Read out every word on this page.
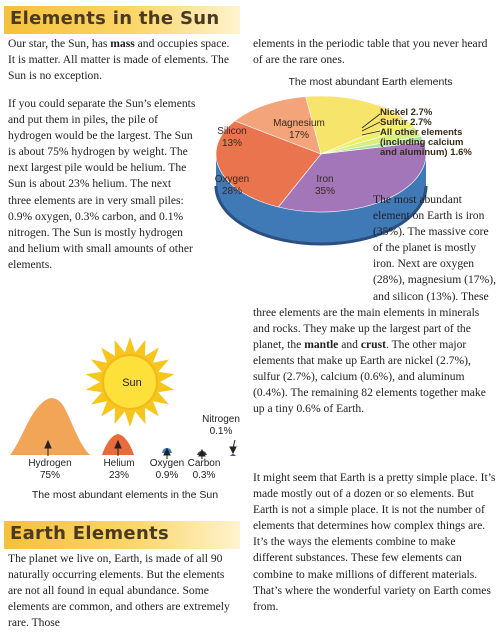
Elements in the Sun
Earth Elements

Our star, the Sun, has mass and occupies space. It is matter. All matter is made of elements. The Sun is no exception.

If you could separate the Sun’s elements and put them in piles, the pile of hydrogen would be the largest. The Sun is about 75% hydrogen by weight. The next largest pile would be helium. The Sun is about 23% helium. The next three elements are in very small piles: 0.9% oxygen, 0.3% carbon, and 0.1% nitrogen. The Sun is mostly hydrogen and helium with small amounts of other elements.

Sun
Hydrogen
75%
Helium
23%
Oxygen
0.9%
Carbon
0.3%
Nitrogen
0.1%
The most abundant elements in the Sun

The planet we live on, Earth, is made of all 90 naturally occurring elements. But the elements are not all found in equal abundance. Some elements are common, and others are extremely rare. Those

elements in the periodic table that you never heard of are the rare ones.

The most abundant Earth elements
Magnesium
17%
Silicon
13%
Oxygen
28%
Iron
35%
Nickel 2.7%
Sulfur 2.7%
All other elements
(including calcium
and aluminum) 1.6%

The most abundant element on Earth is iron (35%). The massive core of the planet is mostly iron. Next are oxygen (28%), magnesium (17%), and silicon (13%). These three elements are the main elements in minerals and rocks. They make up the largest part of the planet, the mantle and crust. The other major elements that make up Earth are nickel (2.7%), sulfur (2.7%), calcium (0.6%), and aluminum (0.4%). The remaining 82 elements together make up a tiny 0.6% of Earth.

It might seem that Earth is a pretty simple place. It’s made mostly out of a dozen or so elements. But Earth is not a simple place. It is not the number of elements that determines how complex things are. It’s the ways the elements combine to make different substances. These few elements can combine to make millions of different materials. That’s where the wonderful variety on Earth comes from.
